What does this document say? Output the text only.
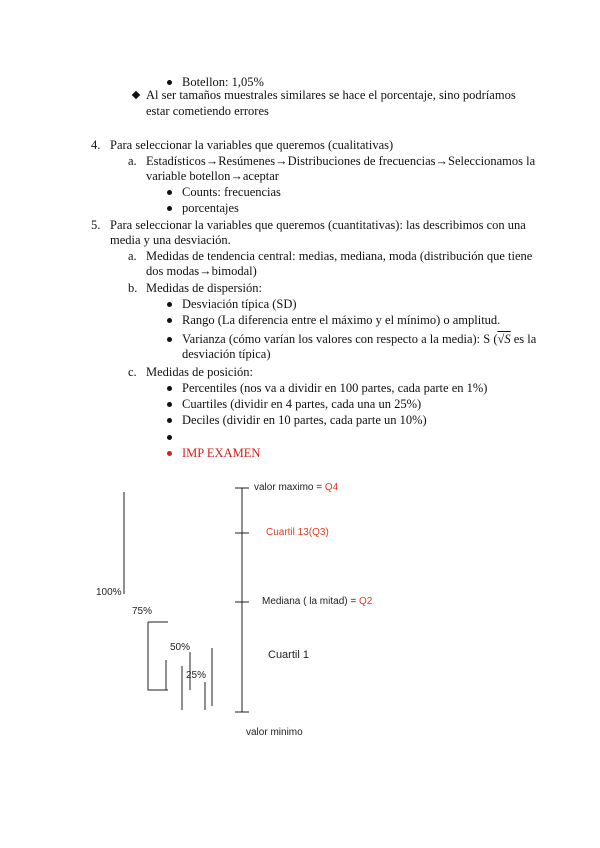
Botellon: 1,05%
Al ser tamaños muestrales similares se hace el porcentaje, sino podríamos
estar cometiendo errores
4. Para seleccionar la variables que queremos (cualitativas)
a. Estadísticos→Resúmenes→Distribuciones de frecuencias→Seleccionamos la
variable botellon→aceptar
Counts: frecuencias
porcentajes
5. Para seleccionar la variables que queremos (cuantitativas): las describimos con una
media y una desviación.
a. Medidas de tendencia central: medias, mediana, moda (distribución que tiene
dos modas→bimodal)
b. Medidas de dispersión:
Desviación típica (SD)
Rango (La diferencia entre el máximo y el mínimo) o amplitud.
Varianza (cómo varían los valores con respecto a la media): S (√S es la
desviación típica)
c. Medidas de posición:
Percentiles (nos va a dividir en 100 partes, cada parte en 1%)
Cuartiles (dividir en 4 partes, cada una un 25%)
Deciles (dividir en 10 partes, cada parte un 10%)
IMP EXAMEN
valor maximo = Q4
Cuartil 13(Q3)
Mediana ( la mitad) = Q2
Cuartil 1
valor minimo
100%
75%
50%
25%
